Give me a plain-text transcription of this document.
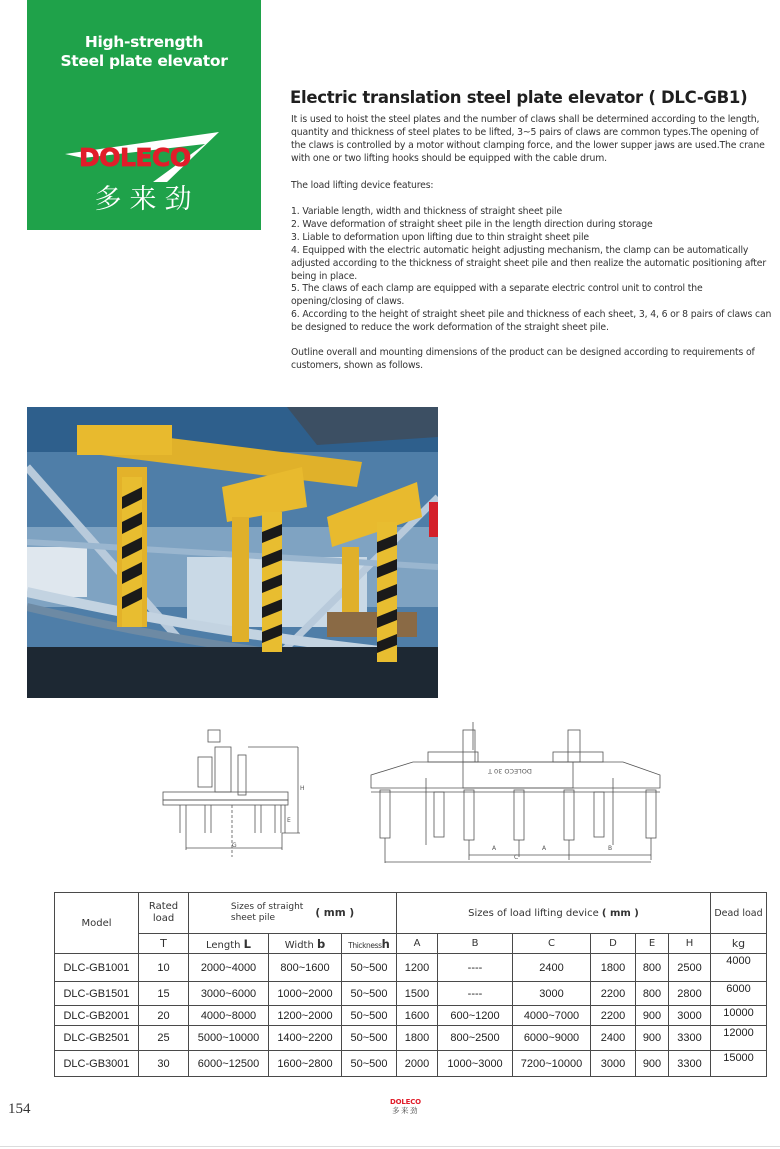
High-strength
Steel plate elevator
DOLECO
多来劲
Electric translation steel plate elevator ( DLC-GB1)
It is used to hoist the steel plates and the number of claws shall be determined according to the length, quantity and thickness of steel plates to be lifted, 3~5 pairs of claws are common types.The opening of the claws is controlled by a motor without clamping force, and the lower supper jaws are used.The crane with one or two lifting hooks should be equipped with the cable drum.
The load lifting device features:
1. Variable length, width and thickness of straight sheet pile
2. Wave deformation of straight sheet pile in the length direction during storage
3. Liable to deformation upon lifting due to thin straight sheet pile
4. Equipped with the electric automatic height adjusting mechanism, the clamp can be automatically adjusted according to the thickness of straight sheet pile and then realize the automatic positioning after being in place.
5. The claws of each clamp are equipped with a separate electric control unit to control the opening/closing of claws.
6. According to the height of straight sheet pile and thickness of each sheet, 3, 4, 6 or 8 pairs of claws can be designed to reduce the work deformation of the straight sheet pile.
Outline overall and mounting dimensions of the product can be designed according to requirements of customers, shown as follows.
G
H
E
DOLECO 30 T
A	A	B
C
Model	Rated load	Sizes of straight
sheet pile ( mm )			Sizes of load lifting device ( mm )						Dead load
	T	Length L	Width b	Thicknessh	A	B	C	D	E	H	kg
DLC-GB1001	10	2000~4000	800~1600	50~500	1200	----	2400	1800	800	2500	4000
DLC-GB1501	15	3000~6000	1000~2000	50~500	1500	----	3000	2200	800	2800	6000
DLC-GB2001	20	4000~8000	1200~2000	50~500	1600	600~1200	4000~7000	2200	900	3000	10000
DLC-GB2501	25	5000~10000	1400~2200	50~500	1800	800~2500	6000~9000	2400	900	3300	12000
DLC-GB3001	30	6000~12500	1600~2800	50~500	2000	1000~3000	7200~10000	3000	900	3300	15000
154	DOLECO
多来劲
